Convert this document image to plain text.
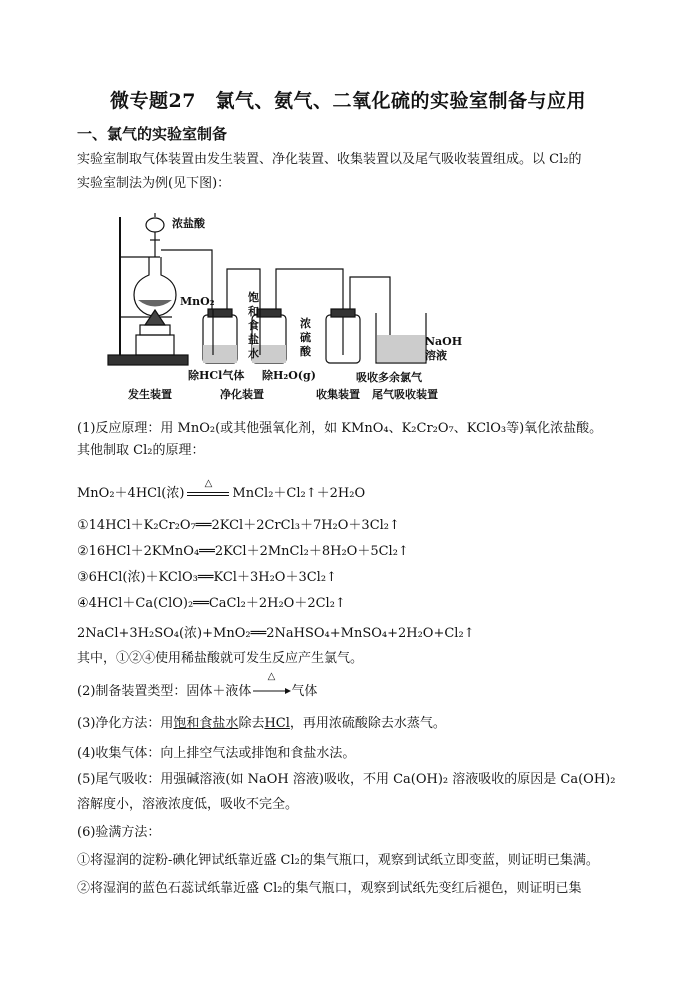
微专题27　氯气、氨气、二氧化硫的实验室制备与应用
一、氯气的实验室制备
实验室制取气体装置由发生装置、净化装置、收集装置以及尾气吸收装置组成。以 Cl₂的
实验室制法为例(见下图)：
浓盐酸
MnO₂	饱
和
食
盐
水
浓
硫
酸
NaOH
溶液
除HCl气体 除H₂O(g)	吸收多余氯气
发生装置	净化装置	收集装置 尾气吸收装置
(1)反应原理：用 MnO₂(或其他强氧化剂，如 KMnO₄、K₂Cr₂O₇、KClO₃等)氧化浓盐酸。
其他制取 Cl₂的原理：
MnO₂＋4HCl(浓)
△
MnCl₂＋Cl₂↑＋2H₂O
①14HCl＋K₂Cr₂O₇══2KCl＋2CrCl₃＋7H₂O＋3Cl₂↑
②16HCl＋2KMnO₄══2KCl＋2MnCl₂＋8H₂O＋5Cl₂↑
③6HCl(浓)＋KClO₃══KCl＋3H₂O＋3Cl₂↑
④4HCl＋Ca(ClO)₂══CaCl₂＋2H₂O＋2Cl₂↑
2NaCl+3H₂SO₄(浓)+MnO₂══2NaHSO₄+MnSO₄+2H₂O+Cl₂↑
其中，①②④使用稀盐酸就可发生反应产生氯气。
(2)制备装置类型：固体＋液体
△
气体
(3)净化方法：用饱和食盐水除去HCl，再用浓硫酸除去水蒸气。
(4)收集气体：向上排空气法或排饱和食盐水法。
(5)尾气吸收：用强碱溶液(如 NaOH 溶液)吸收，不用 Ca(OH)₂ 溶液吸收的原因是 Ca(OH)₂
溶解度小，溶液浓度低，吸收不完全。
(6)验满方法：
①将湿润的淀粉-碘化钾试纸靠近盛 Cl₂的集气瓶口，观察到试纸立即变蓝，则证明已集满。
②将湿润的蓝色石蕊试纸靠近盛 Cl₂的集气瓶口，观察到试纸先变红后褪色，则证明已集
